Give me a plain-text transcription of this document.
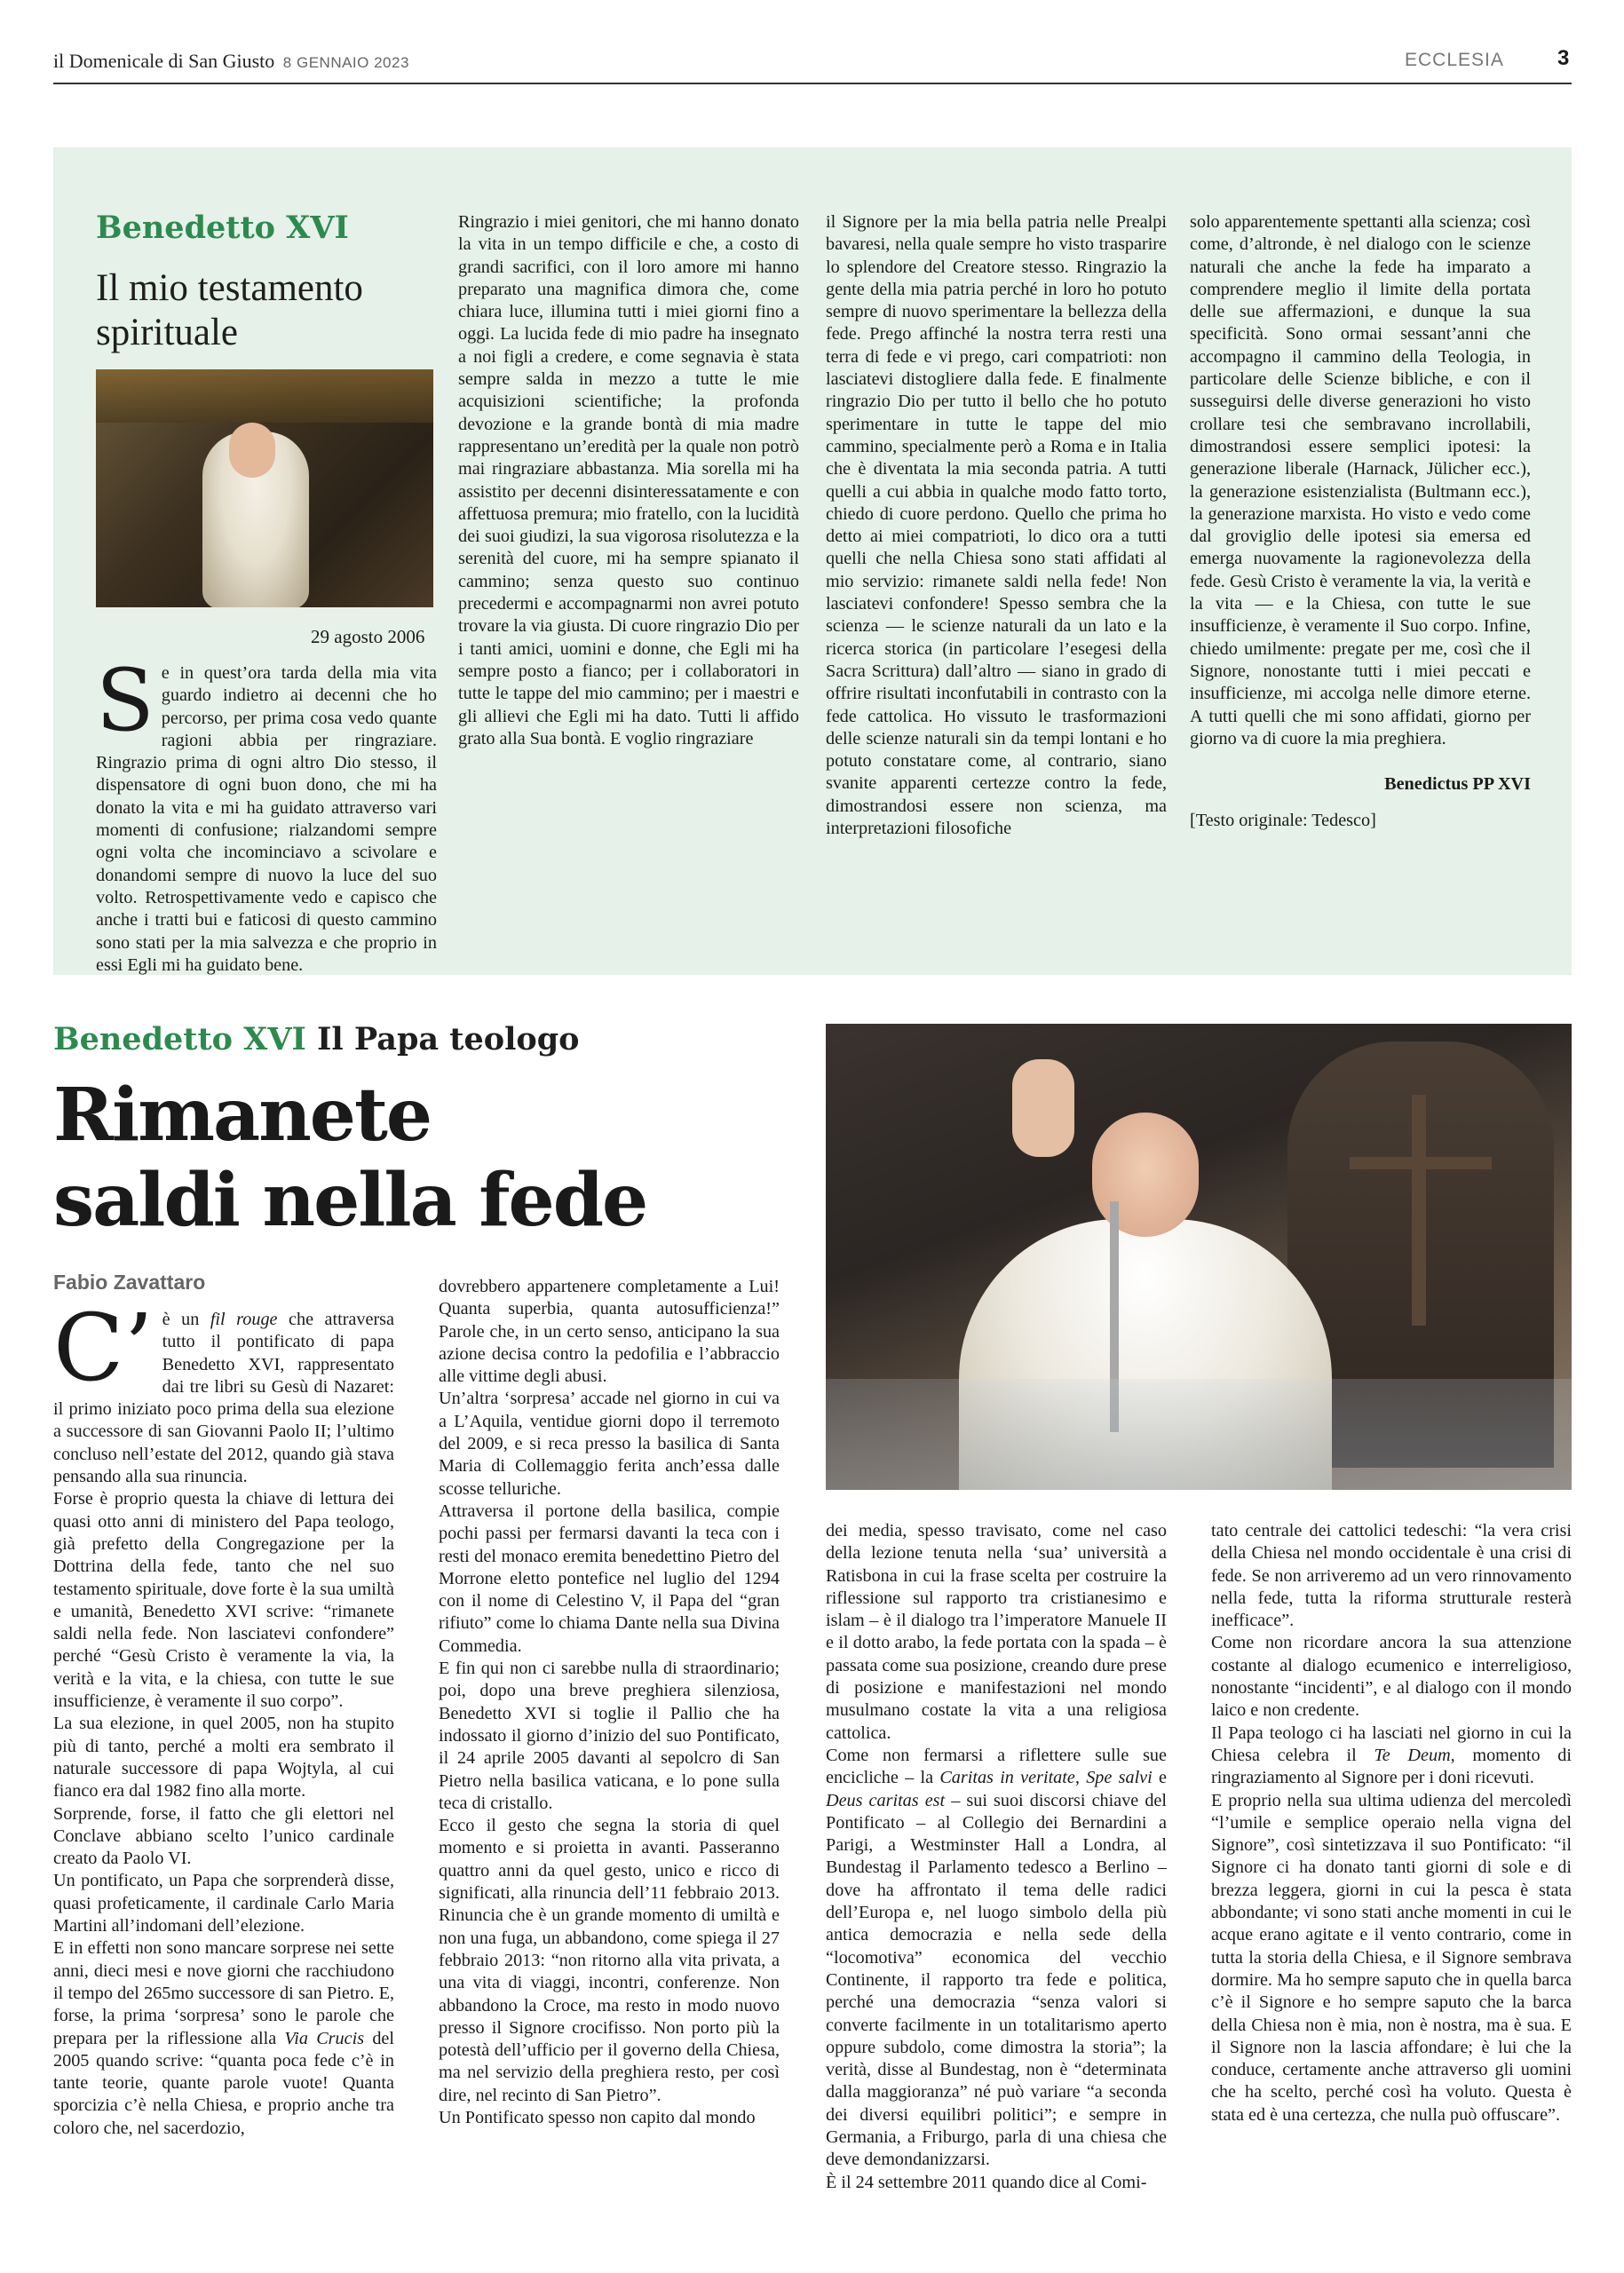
il Domenicale di San Giusto 8 GENNAIO 2023	ECCLESIA	3
Benedetto XVI
Il mio testamento spirituale
29 agosto 2006
S e in quest’ora tarda della mia vita guardo indietro ai decenni che ho percorso, per prima cosa vedo quante ragioni abbia per ringraziare. Ringrazio prima di ogni altro Dio stesso, il dispensatore di ogni buon dono, che mi ha donato la vita e mi ha guidato attraverso vari momenti di confusione; rialzandomi sempre ogni volta che incominciavo a scivolare e donandomi sempre di nuovo la luce del suo volto. Retrospettivamente vedo e capisco che anche i tratti bui e faticosi di questo cammino sono stati per la mia salvezza e che proprio in essi Egli mi ha guidato bene.

Ringrazio i miei genitori, che mi hanno donato la vita in un tempo difficile e che, a costo di grandi sacrifici, con il loro amore mi hanno preparato una magnifica dimora che, come chiara luce, illumina tutti i miei giorni fino a oggi. La lucida fede di mio padre ha insegnato a noi figli a credere, e come segnavia è stata sempre salda in mezzo a tutte le mie acquisizioni scientifiche; la profonda devozione e la grande bontà di mia madre rappresentano un’eredità per la quale non potrò mai ringraziare abbastanza. Mia sorella mi ha assistito per decenni disinteressatamente e con affettuosa premura; mio fratello, con la lucidità dei suoi giudizi, la sua vigorosa risolutezza e la serenità del cuore, mi ha sempre spianato il cammino; senza questo suo continuo precedermi e accompagnarmi non avrei potuto trovare la via giusta. Di cuore ringrazio Dio per i tanti amici, uomini e donne, che Egli mi ha sempre posto a fianco; per i collaboratori in tutte le tappe del mio cammino; per i maestri e gli allievi che Egli mi ha dato. Tutti li affido grato alla Sua bontà. E voglio ringraziare

il Signore per la mia bella patria nelle Prealpi bavaresi, nella quale sempre ho visto trasparire lo splendore del Creatore stesso. Ringrazio la gente della mia patria perché in loro ho potuto sempre di nuovo sperimentare la bellezza della fede. Prego affinché la nostra terra resti una terra di fede e vi prego, cari compatrioti: non lasciatevi distogliere dalla fede. E finalmente ringrazio Dio per tutto il bello che ho potuto sperimentare in tutte le tappe del mio cammino, specialmente però a Roma e in Italia che è diventata la mia seconda patria. A tutti quelli a cui abbia in qualche modo fatto torto, chiedo di cuore perdono. Quello che prima ho detto ai miei compatrioti, lo dico ora a tutti quelli che nella Chiesa sono stati affidati al mio servizio: rimanete saldi nella fede! Non lasciatevi confondere! Spesso sembra che la scienza — le scienze naturali da un lato e la ricerca storica (in particolare l’esegesi della Sacra Scrittura) dall’altro — siano in grado di offrire risultati inconfutabili in contrasto con la fede cattolica. Ho vissuto le trasformazioni delle scienze naturali sin da tempi lontani e ho potuto constatare come, al contrario, siano svanite apparenti certezze contro la fede, dimostrandosi essere non scienza, ma interpretazioni filosofiche

solo apparentemente spettanti alla scienza; così come, d’altronde, è nel dialogo con le scienze naturali che anche la fede ha imparato a comprendere meglio il limite della portata delle sue affermazioni, e dunque la sua specificità. Sono ormai sessant’anni che accompagno il cammino della Teologia, in particolare delle Scienze bibliche, e con il susseguirsi delle diverse generazioni ho visto crollare tesi che sembravano incrollabili, dimostrandosi essere semplici ipotesi: la generazione liberale (Harnack, Jülicher ecc.), la generazione esistenzialista (Bultmann ecc.), la generazione marxista. Ho visto e vedo come dal groviglio delle ipotesi sia emersa ed emerga nuovamente la ragionevolezza della fede. Gesù Cristo è veramente la via, la verità e la vita — e la Chiesa, con tutte le sue insufficienze, è veramente il Suo corpo. Infine, chiedo umilmente: pregate per me, così che il Signore, nonostante tutti i miei peccati e insufficienze, mi accolga nelle dimore eterne. A tutti quelli che mi sono affidati, giorno per giorno va di cuore la mia preghiera.

Benedictus PP XVI
[Testo originale: Tedesco]
Benedetto XVI Il Papa teologo
Rimanete
saldi nella fede
Fabio Zavattaro
C’ è un fil rouge che attraversa tutto il pontificato di papa Benedetto XVI, rappresentato dai tre libri su Gesù di Nazaret: il primo iniziato poco prima della sua elezione a successore di san Giovanni Paolo II; l’ultimo concluso nell’estate del 2012, quando già stava pensando alla sua rinuncia.

Forse è proprio questa la chiave di lettura dei quasi otto anni di ministero del Papa teologo, già prefetto della Congregazione per la Dottrina della fede, tanto che nel suo testamento spirituale, dove forte è la sua umiltà e umanità, Benedetto XVI scrive: “rimanete saldi nella fede. Non lasciatevi confondere” perché “Gesù Cristo è veramente la via, la verità e la vita, e la chiesa, con tutte le sue insufficienze, è veramente il suo corpo”.

La sua elezione, in quel 2005, non ha stupito più di tanto, perché a molti era sembrato il naturale successore di papa Wojtyla, al cui fianco era dal 1982 fino alla morte.

Sorprende, forse, il fatto che gli elettori nel Conclave abbiano scelto l’unico cardinale creato da Paolo VI.

Un pontificato, un Papa che sorprenderà disse, quasi profeticamente, il cardinale Carlo Maria Martini all’indomani dell’elezione.

E in effetti non sono mancare sorprese nei sette anni, dieci mesi e nove giorni che racchiudono il tempo del 265mo successore di san Pietro. E, forse, la prima ‘sorpresa’ sono le parole che prepara per la riflessione alla Via Crucis del 2005 quando scrive: “quanta poca fede c’è in tante teorie, quante parole vuote! Quanta sporcizia c’è nella Chiesa, e proprio anche tra coloro che, nel sacerdozio,

dovrebbero appartenere completamente a Lui! Quanta superbia, quanta autosufficienza!” Parole che, in un certo senso, anticipano la sua azione decisa contro la pedofilia e l’abbraccio alle vittime degli abusi.

Un’altra ‘sorpresa’ accade nel giorno in cui va a L’Aquila, ventidue giorni dopo il terremoto del 2009, e si reca presso la basilica di Santa Maria di Collemaggio ferita anch’essa dalle scosse telluriche.

Attraversa il portone della basilica, compie pochi passi per fermarsi davanti la teca con i resti del monaco eremita benedettino Pietro del Morrone eletto pontefice nel luglio del 1294 con il nome di Celestino V, il Papa del “gran rifiuto” come lo chiama Dante nella sua Divina Commedia.

E fin qui non ci sarebbe nulla di straordinario; poi, dopo una breve preghiera silenziosa, Benedetto XVI si toglie il Pallio che ha indossato il giorno d’inizio del suo Pontificato, il 24 aprile 2005 davanti al sepolcro di San Pietro nella basilica vaticana, e lo pone sulla teca di cristallo.

Ecco il gesto che segna la storia di quel momento e si proietta in avanti. Passeranno quattro anni da quel gesto, unico e ricco di significati, alla rinuncia dell’11 febbraio 2013. Rinuncia che è un grande momento di umiltà e non una fuga, un abbandono, come spiega il 27 febbraio 2013: “non ritorno alla vita privata, a una vita di viaggi, incontri, conferenze. Non abbandono la Croce, ma resto in modo nuovo presso il Signore crocifisso. Non porto più la potestà dell’ufficio per il governo della Chiesa, ma nel servizio della preghiera resto, per così dire, nel recinto di San Pietro”.

Un Pontificato spesso non capito dal mondo

dei media, spesso travisato, come nel caso della lezione tenuta nella ‘sua’ università a Ratisbona in cui la frase scelta per costruire la riflessione sul rapporto tra cristianesimo e islam – è il dialogo tra l’imperatore Manuele II e il dotto arabo, la fede portata con la spada – è passata come sua posizione, creando dure prese di posizione e manifestazioni nel mondo musulmano costate la vita a una religiosa cattolica.

Come non fermarsi a riflettere sulle sue encicliche – la Caritas in veritate, Spe salvi e Deus caritas est – sui suoi discorsi chiave del Pontificato – al Collegio dei Bernardini a Parigi, a Westminster Hall a Londra, al Bundestag il Parlamento tedesco a Berlino – dove ha affrontato il tema delle radici dell’Europa e, nel luogo simbolo della più antica democrazia e nella sede della “locomotiva” economica del vecchio Continente, il rapporto tra fede e politica, perché una democrazia “senza valori si converte facilmente in un totalitarismo aperto oppure subdolo, come dimostra la storia”; la verità, disse al Bundestag, non è “determinata dalla maggioranza” né può variare “a seconda dei diversi equilibri politici”; e sempre in Germania, a Friburgo, parla di una chiesa che deve demondanizzarsi.

È il 24 settembre 2011 quando dice al Comi-

tato centrale dei cattolici tedeschi: “la vera crisi della Chiesa nel mondo occidentale è una crisi di fede. Se non arriveremo ad un vero rinnovamento nella fede, tutta la riforma strutturale resterà inefficace”.

Come non ricordare ancora la sua attenzione costante al dialogo ecumenico e interreligioso, nonostante “incidenti”, e al dialogo con il mondo laico e non credente.

Il Papa teologo ci ha lasciati nel giorno in cui la Chiesa celebra il Te Deum, momento di ringraziamento al Signore per i doni ricevuti.

E proprio nella sua ultima udienza del mercoledì “l’umile e semplice operaio nella vigna del Signore”, così sintetizzava il suo Pontificato: “il Signore ci ha donato tanti giorni di sole e di brezza leggera, giorni in cui la pesca è stata abbondante; vi sono stati anche momenti in cui le acque erano agitate e il vento contrario, come in tutta la storia della Chiesa, e il Signore sembrava dormire. Ma ho sempre saputo che in quella barca c’è il Signore e ho sempre saputo che la barca della Chiesa non è mia, non è nostra, ma è sua. E il Signore non la lascia affondare; è lui che la conduce, certamente anche attraverso gli uomini che ha scelto, perché così ha voluto. Questa è stata ed è una certezza, che nulla può offuscare”.
